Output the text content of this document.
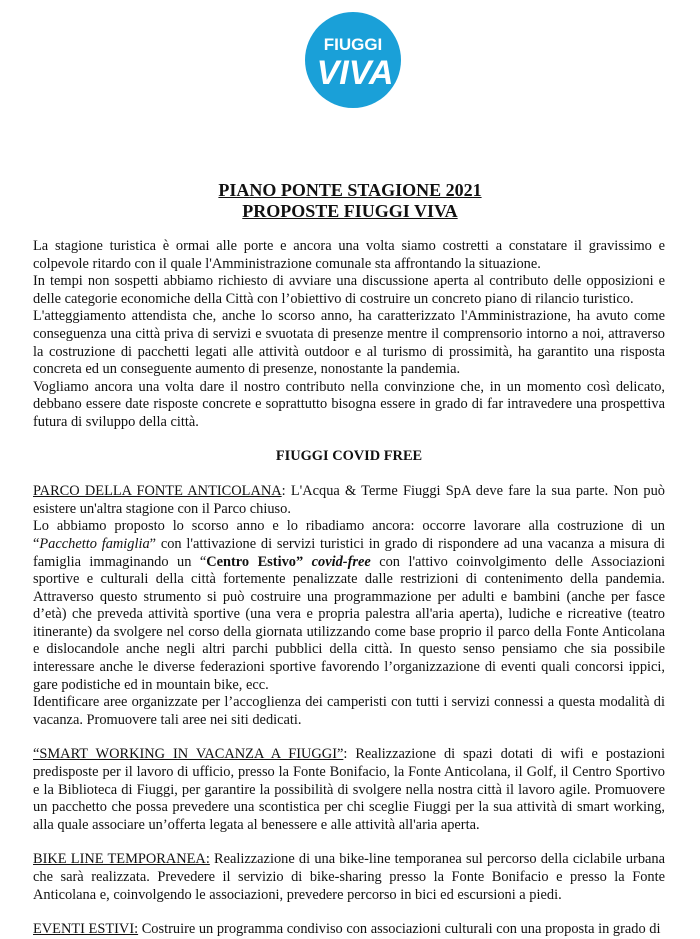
FIUGGI
VIVA
PIANO PONTE STAGIONE 2021
PROPOSTE FIUGGI VIVA

La stagione turistica è ormai alle porte e ancora una volta siamo costretti a constatare il gravissimo e colpevole ritardo con il quale l'Amministrazione comunale sta affrontando la situazione.

In tempi non sospetti abbiamo richiesto di avviare una discussione aperta al contributo delle opposizioni e delle categorie economiche della Città con l’obiettivo di costruire un concreto piano di rilancio turistico.

L'atteggiamento attendista che, anche lo scorso anno, ha caratterizzato l'Amministrazione, ha avuto come conseguenza una città priva di servizi e svuotata di presenze mentre il comprensorio intorno a noi, attraverso la costruzione di pacchetti legati alle attività outdoor e al turismo di prossimità, ha garantito una risposta concreta ed un conseguente aumento di presenze, nonostante la pandemia.

Vogliamo ancora una volta dare il nostro contributo nella convinzione che, in un momento così delicato, debbano essere date risposte concrete e soprattutto bisogna essere in grado di far intravedere una prospettiva futura di sviluppo della città.

FIUGGI COVID FREE

PARCO DELLA FONTE ANTICOLANA: L'Acqua & Terme Fiuggi SpA deve fare la sua parte. Non può esistere un'altra stagione con il Parco chiuso.

Lo abbiamo proposto lo scorso anno e lo ribadiamo ancora: occorre lavorare alla costruzione di un “Pacchetto famiglia” con l'attivazione di servizi turistici in grado di rispondere ad una vacanza a misura di famiglia immaginando un “Centro Estivo” covid-free con l'attivo coinvolgimento delle Associazioni sportive e culturali della città fortemente penalizzate dalle restrizioni di contenimento della pandemia. Attraverso questo strumento si può costruire una programmazione per adulti e bambini (anche per fasce d’età) che preveda attività sportive (una vera e propria palestra all'aria aperta), ludiche e ricreative (teatro itinerante) da svolgere nel corso della giornata utilizzando come base proprio il parco della Fonte Anticolana e dislocandole anche negli altri parchi pubblici della città. In questo senso pensiamo che sia possibile interessare anche le diverse federazioni sportive favorendo l’organizzazione di eventi quali concorsi ippici, gare podistiche ed in mountain bike, ecc.

Identificare aree organizzate per l’accoglienza dei camperisti con tutti i servizi connessi a questa modalità di vacanza. Promuovere tali aree nei siti dedicati.

“SMART WORKING IN VACANZA A FIUGGI”: Realizzazione di spazi dotati di wifi e postazioni predisposte per il lavoro di ufficio, presso la Fonte Bonifacio, la Fonte Anticolana, il Golf, il Centro Sportivo e la Biblioteca di Fiuggi, per garantire la possibilità di svolgere nella nostra città il lavoro agile. Promuovere un pacchetto che possa prevedere una scontistica per chi sceglie Fiuggi per la sua attività di smart working, alla quale associare un’offerta legata al benessere e alle attività all'aria aperta.

BIKE LINE TEMPORANEA: Realizzazione di una bike-line temporanea sul percorso della ciclabile urbana che sarà realizzata. Prevedere il servizio di bike-sharing presso la Fonte Bonifacio e presso la Fonte Anticolana e, coinvolgendo le associazioni, prevedere percorso in bici ed escursioni a piedi.

EVENTI ESTIVI: Costruire un programma condiviso con associazioni culturali con una proposta in grado di
